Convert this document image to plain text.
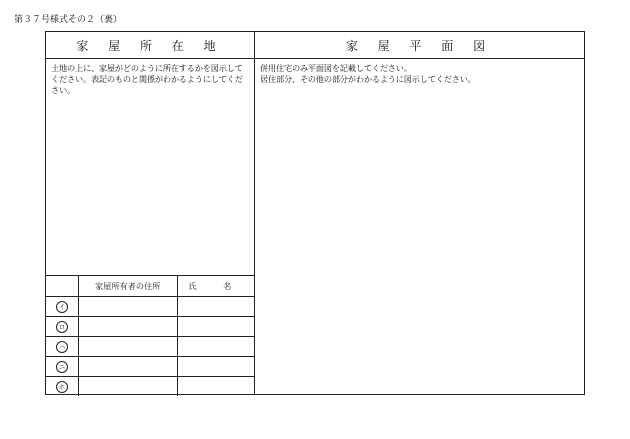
第３７号様式その２（裏）
家 屋 所 在 地
土地の上に、家屋がどのように所在するかを図示して
ください。表記のものと関係がわかるようにしてくだ
さい。
	家屋所有者の住所	氏 名
イ		
ロ		
ハ		
ニ		
ホ		
家 屋 平 面 図
併用住宅のみ平面図を記載してください。
居住部分、その他の部分がわかるように図示してください。
